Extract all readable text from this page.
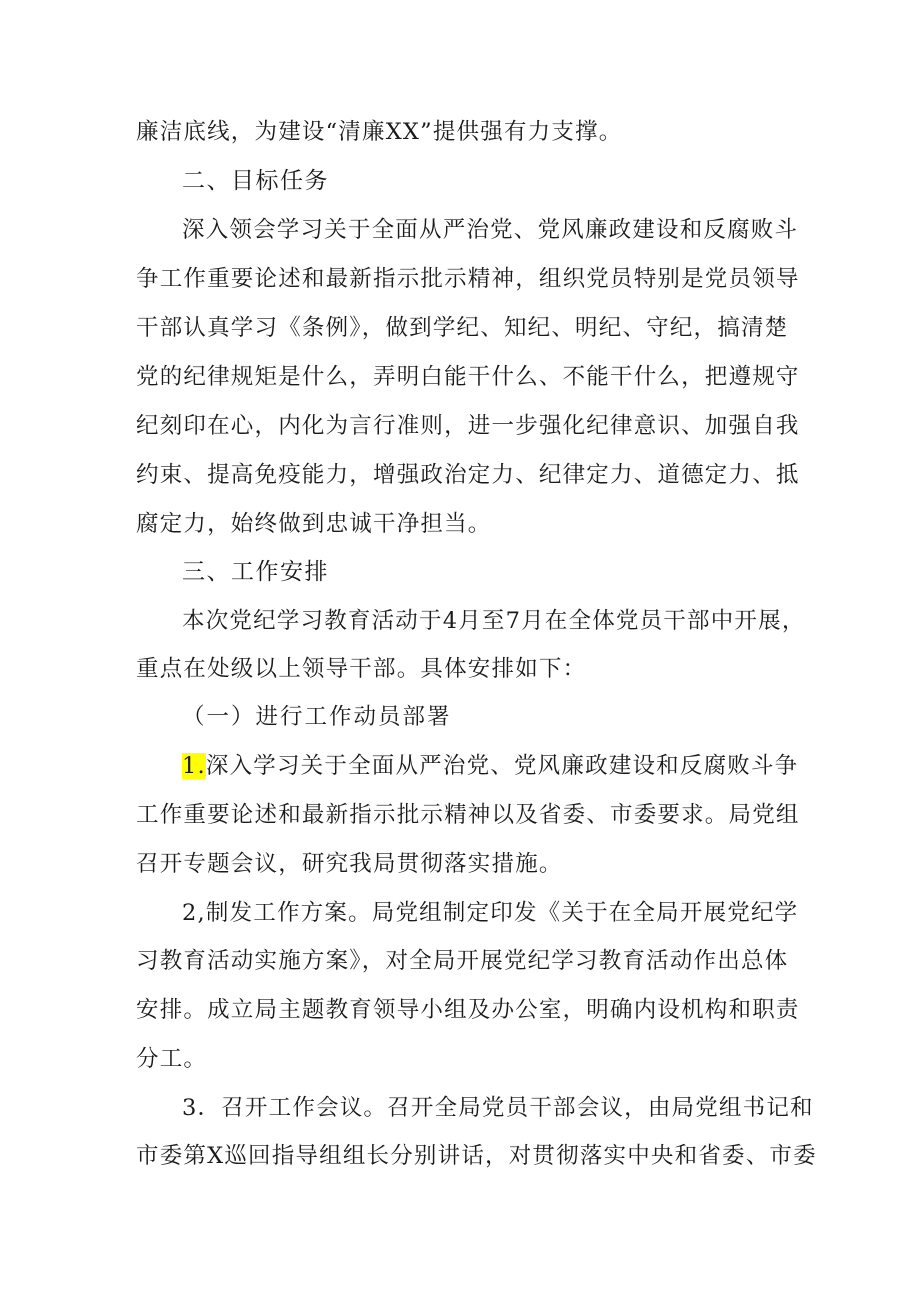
廉洁底线，为建设“清廉XX”提供强有力支撑。
二、目标任务
深入领会学习关于全面从严治党、党风廉政建设和反腐败斗
争工作重要论述和最新指示批示精神，组织党员特别是党员领导
干部认真学习《条例》，做到学纪、知纪、明纪、守纪，搞清楚
党的纪律规矩是什么，弄明白能干什么、不能干什么，把遵规守
纪刻印在心，内化为言行准则，进一步强化纪律意识、加强自我
约束、提高免疫能力，增强政治定力、纪律定力、道德定力、抵
腐定力，始终做到忠诚干净担当。
三、工作安排
本次党纪学习教育活动于4月至7月在全体党员干部中开展，
重点在处级以上领导干部。具体安排如下：
（一）进行工作动员部署
1.深入学习关于全面从严治党、党风廉政建设和反腐败斗争
工作重要论述和最新指示批示精神以及省委、市委要求。局党组
召开专题会议，研究我局贯彻落实措施。
2,制发工作方案。局党组制定印发《关于在全局开展党纪学
习教育活动实施方案》，对全局开展党纪学习教育活动作出总体
安排。成立局主题教育领导小组及办公室，明确内设机构和职责
分工。
3．召开工作会议。召开全局党员干部会议，由局党组书记和
市委第X巡回指导组组长分别讲话，对贯彻落实中央和省委、市委
